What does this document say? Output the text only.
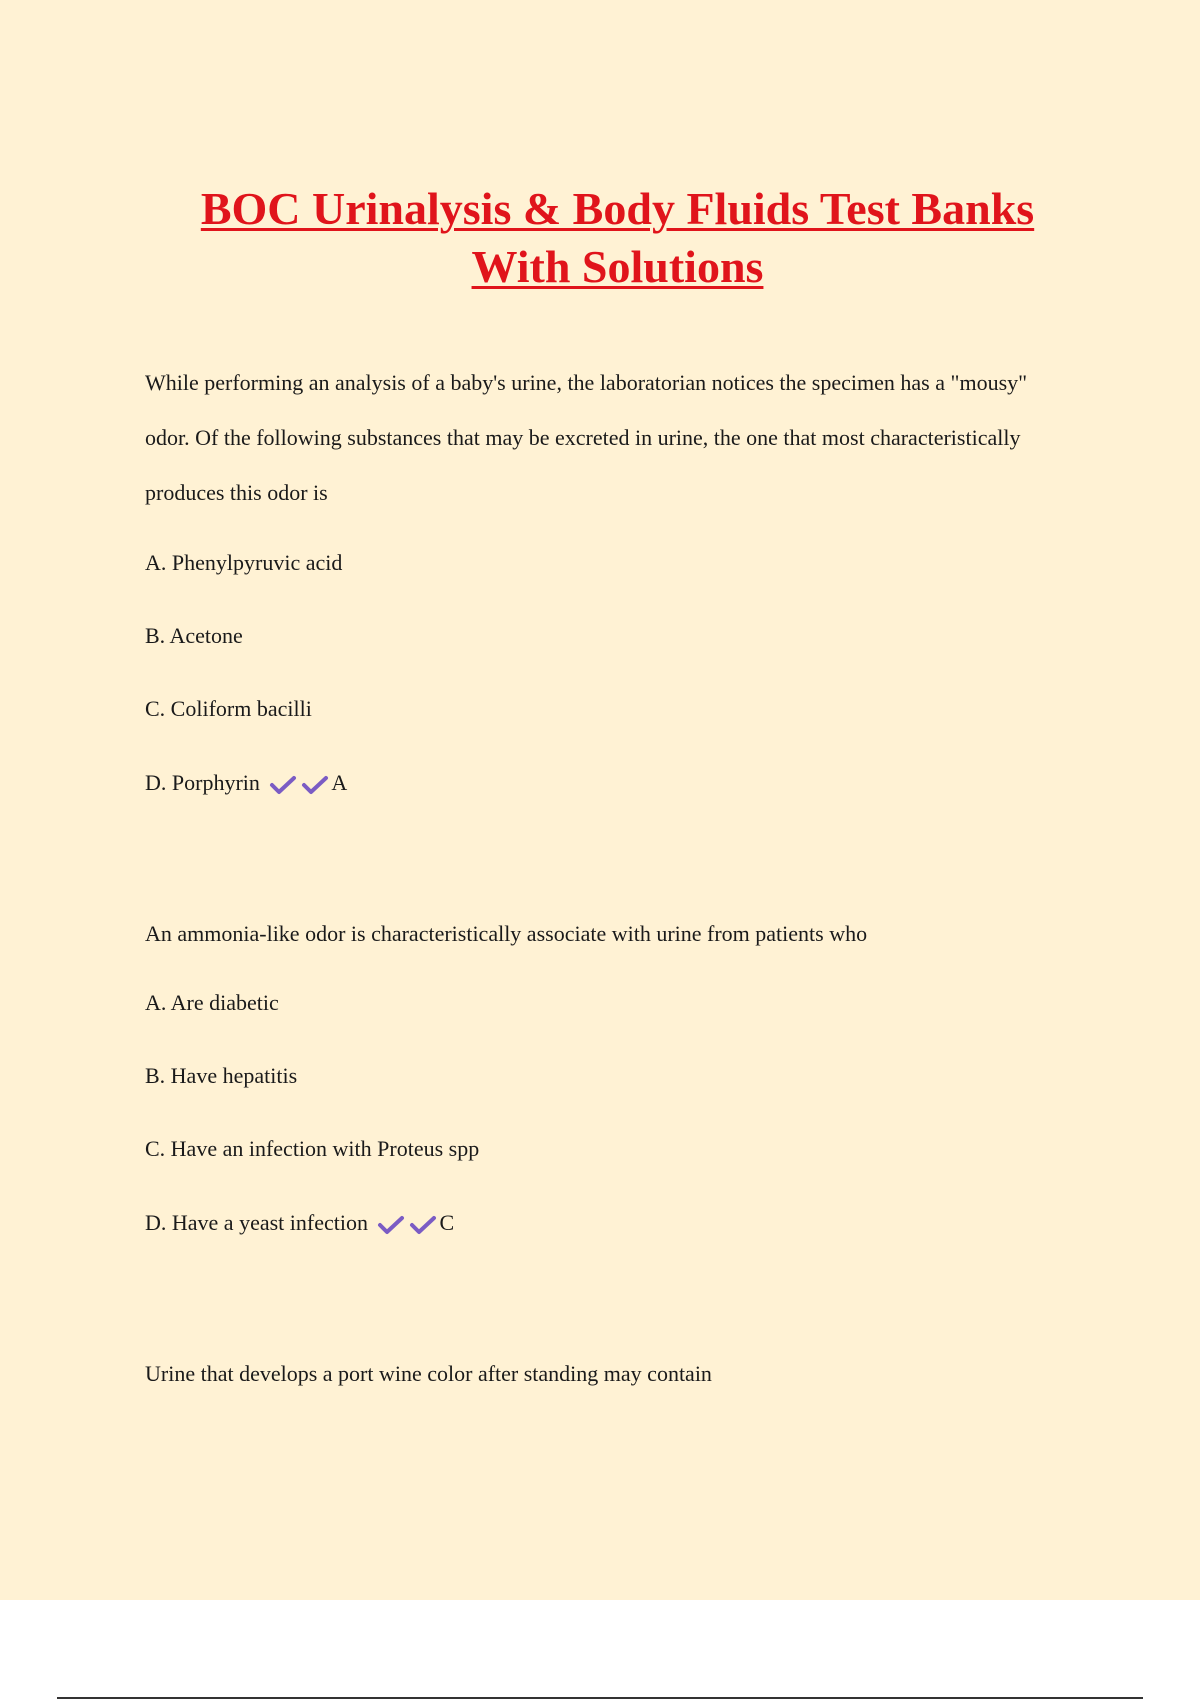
BOC Urinalysis & Body Fluids Test Banks
With Solutions

While performing an analysis of a baby's urine, the laboratorian notices the specimen has a "mousy" odor. Of the following substances that may be excreted in urine, the one that most characteristically produces this odor is

A. Phenylpyruvic acid

B. Acetone

C. Coliform bacilli

D. Porphyrin	A

An ammonia-like odor is characteristically associate with urine from patients who

A. Are diabetic

B. Have hepatitis

C. Have an infection with Proteus spp

D. Have a yeast infection	C

Urine that develops a port wine color after standing may contain
